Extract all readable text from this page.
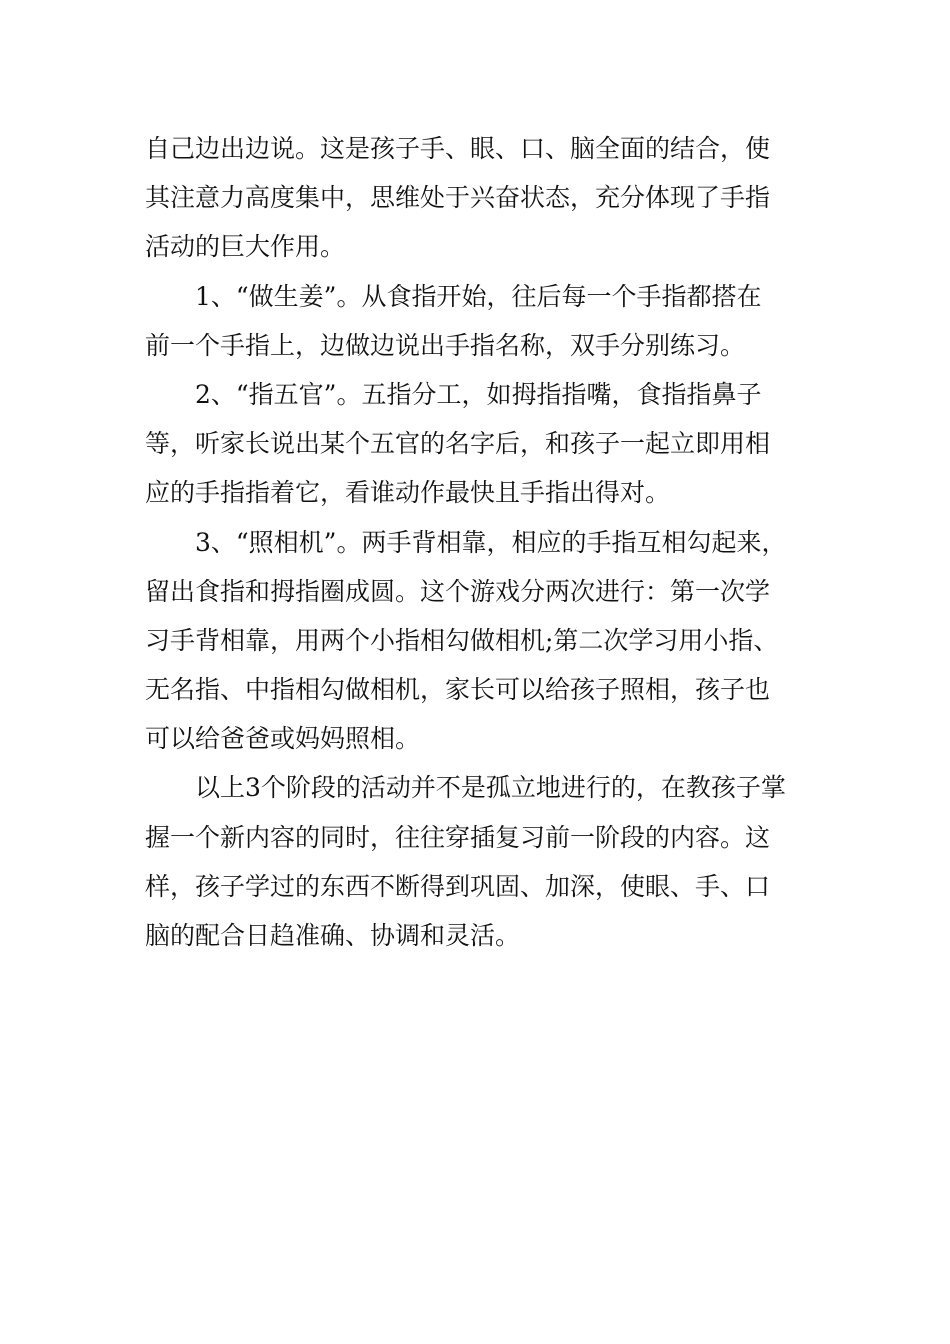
自己边出边说。这是孩子手、眼、口、脑全面的结合，使
其注意力高度集中，思维处于兴奋状态，充分体现了手指
活动的巨大作用。
1、“做生姜”。从食指开始，往后每一个手指都搭在
前一个手指上，边做边说出手指名称，双手分别练习。
2、“指五官”。五指分工，如拇指指嘴，食指指鼻子
等，听家长说出某个五官的名字后，和孩子一起立即用相
应的手指指着它，看谁动作最快且手指出得对。
3、“照相机”。两手背相靠，相应的手指互相勾起来，
留出食指和拇指圈成圆。这个游戏分两次进行：第一次学
习手背相靠，用两个小指相勾做相机;第二次学习用小指、
无名指、中指相勾做相机，家长可以给孩子照相，孩子也
可以给爸爸或妈妈照相。
以上3个阶段的活动并不是孤立地进行的，在教孩子掌
握一个新内容的同时，往往穿插复习前一阶段的内容。这
样，孩子学过的东西不断得到巩固、加深，使眼、手、口
脑的配合日趋准确、协调和灵活。
